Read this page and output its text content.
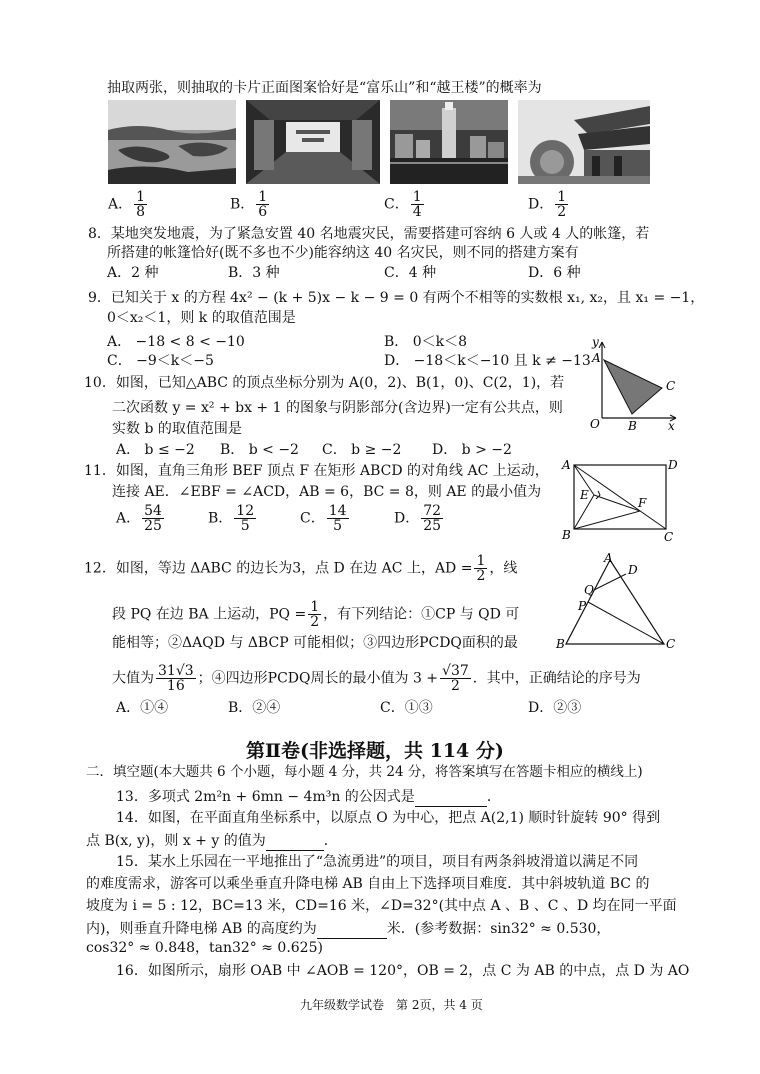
抽取两张，则抽取的卡片正面图案恰好是“富乐山”和“越王楼”的概率为
A． $\frac{1}{8}$	B． $\frac{1}{6}$	C． $\frac{1}{4}$	D． $\frac{1}{2}$
8．某地突发地震，为了紧急安置 40 名地震灾民，需要搭建可容纳 6 人或 4 人的帐篷，若
所搭建的帐篷恰好(既不多也不少)能容纳这 40 名灾民，则不同的搭建方案有
A．2 种	B．3 种	C．4 种	D．6 种
9．已知关于 x 的方程 4x² − (k + 5)x − k − 9 = 0 有两个不相等的实数根 x₁, x₂，且 x₁ = −1，
0＜x₂＜1，则 k 的取值范围是
A． −18 < 8 < −10	B． 0＜k＜8
C． −9＜k＜−5	D． −18＜k＜−10 且 k ≠ −13
10．如图，已知△ABC 的顶点坐标分别为 A(0，2)、B(1，0)、C(2，1)，若
二次函数 y = x² + bx + 1 的图象与阴影部分(含边界)一定有公共点，则
实数 b 的取值范围是
A． b ≤ −2 B． b < −2 C． b ≥ −2 D． b > −2
y
x
O
A
B
C
11．如图，直角三角形 BEF 顶点 F 在矩形 ABCD 的对角线 AC 上运动，
连接 AE．∠EBF = ∠ACD，AB = 6，BC = 8，则 AE 的最小值为
A． $\frac{54}{25}$	B． $\frac{12}{5}$	C． $\frac{14}{5}$	D． $\frac{72}{25}$
A	D
E
F
B	C
12．如图，等边 ΔABC 的边长为3，点 D 在边 AC 上，AD = $\frac{1}{2}$ ，线
段 PQ 在边 BA 上运动，PQ = $\frac{1}{2}$ ，有下列结论：①CP 与 QD 可
能相等；②ΔAQD 与 ΔBCP 可能相似；③四边形PCDQ面积的最
大值为 $\frac{31√3}{16}$ ；④四边形PCDQ周长的最小值为 $3 + \frac{√37}{2}$ ．其中，正确结论的序号为
A．①④	B．②④	C．①③	D．②③
A
D
Q
P
B	C
第Ⅱ卷(非选择题，共 114 分)
二．填空题(本大题共 6 个小题，每小题 4 分，共 24 分，将答案填写在答题卡相应的横线上)
13．多项式 2m²n + 6mn − 4m³n 的公因式是	．
14．如图，在平面直角坐标系中，以原点 O 为中心，把点 A(2,1) 顺时针旋转 90° 得到
点 B(x, y)，则 x + y 的值为	．
15．某水上乐园在一平地推出了“急流勇进”的项目，项目有两条斜坡滑道以满足不同
的难度需求，游客可以乘坐垂直升降电梯 AB 自由上下选择项目难度．其中斜坡轨道 BC 的
坡度为 i = 5 : 12，BC=13 米，CD=16 米，∠D=32°(其中点 A 、B 、C 、D 均在同一平面
内)，则垂直升降电梯 AB 的高度约为	米．(参考数据：sin32° ≈ 0.530，
cos32° ≈ 0.848，tan32° ≈ 0.625)
16．如图所示，扇形 OAB 中 ∠AOB = 120°，OB = 2，点 C 为 AB 的中点，点 D 为 AO
九年级数学试卷　第 2页，共 4 页
